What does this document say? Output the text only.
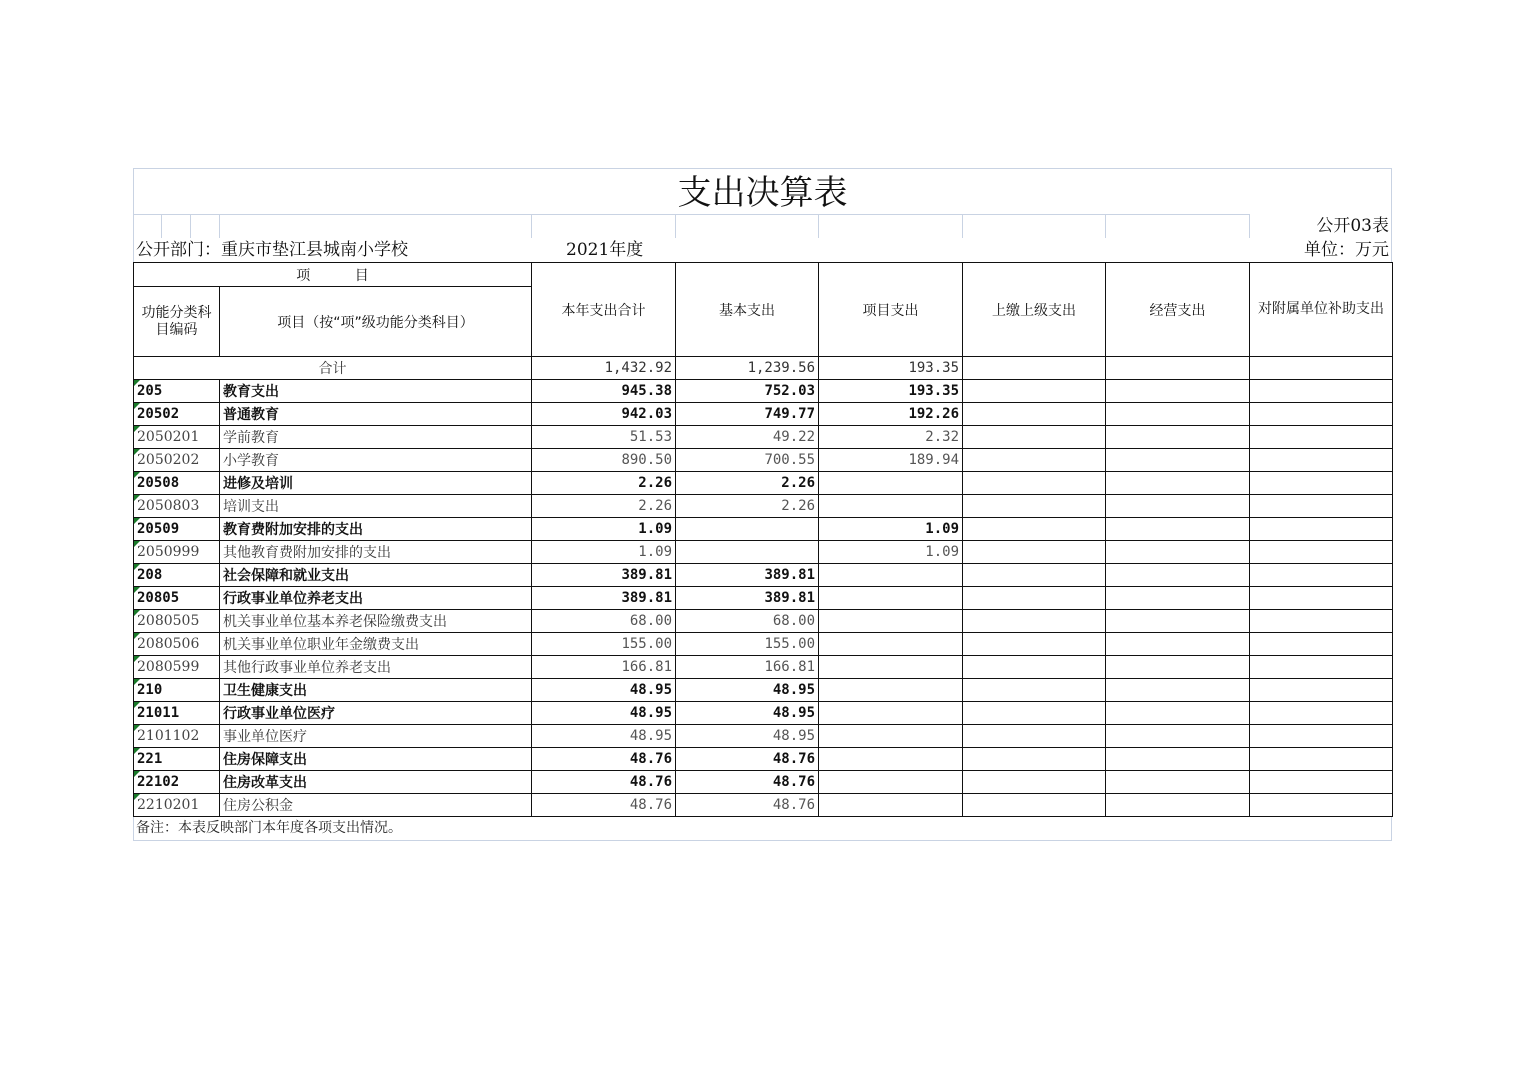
支出决算表
公开03表
公开部门：重庆市垫江县城南小学校	2021年度	单位：万元
项          目		本年支出合计	基本支出	项目支出	上缴上级支出	经营支出	对附属单位补助支出
功能分类科目编码	项目（按“项”级功能分类科目）						
合计		1,432.92	1,239.56	193.35			
205	教育支出	945.38	752.03	193.35			
20502	普通教育	942.03	749.77	192.26			
2050201	学前教育	51.53	49.22	2.32			
2050202	小学教育	890.50	700.55	189.94			
20508	进修及培训	2.26	2.26				
2050803	培训支出	2.26	2.26				
20509	教育费附加安排的支出	1.09		1.09			
2050999	其他教育费附加安排的支出	1.09		1.09			
208	社会保障和就业支出	389.81	389.81				
20805	行政事业单位养老支出	389.81	389.81				
2080505	机关事业单位基本养老保险缴费支出	68.00	68.00				
2080506	机关事业单位职业年金缴费支出	155.00	155.00				
2080599	其他行政事业单位养老支出	166.81	166.81				
210	卫生健康支出	48.95	48.95				
21011	行政事业单位医疗	48.95	48.95				
2101102	事业单位医疗	48.95	48.95				
221	住房保障支出	48.76	48.76				
22102	住房改革支出	48.76	48.76				
2210201	住房公积金	48.76	48.76				
备注：本表反映部门本年度各项支出情况。
